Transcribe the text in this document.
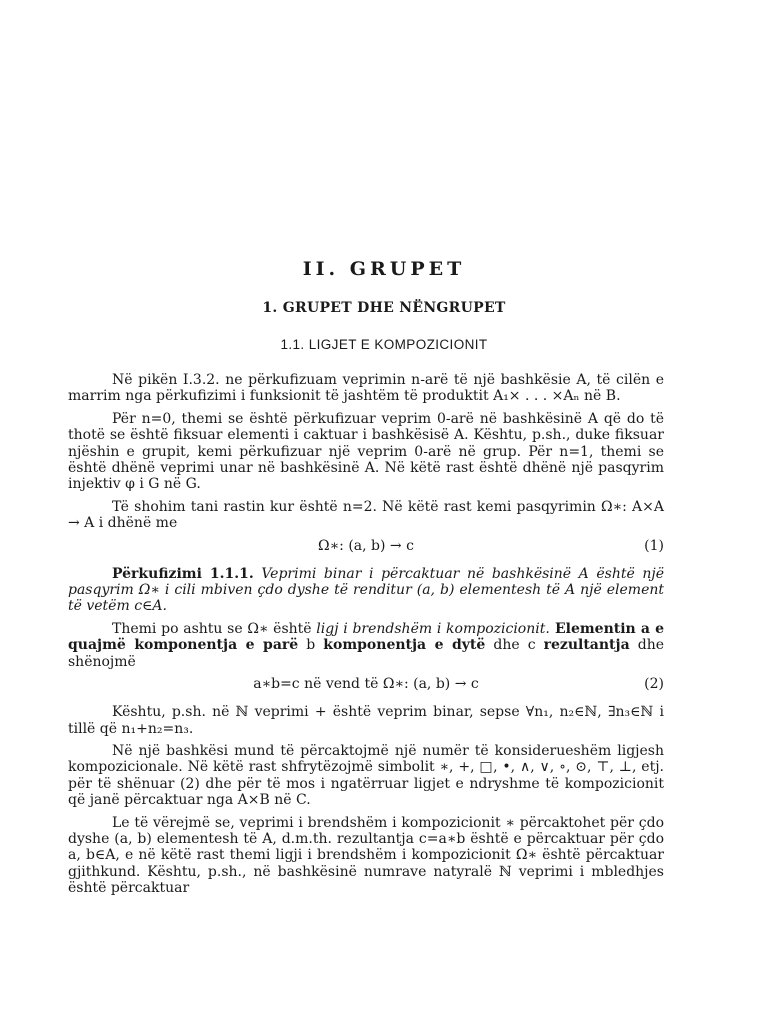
II. GRUPET
1. GRUPET DHE NËNGRUPET
1.1. LIGJET E KOMPOZICIONIT

Në pikën I.3.2. ne përkufizuam veprimin n-arë të një bashkësie A, të cilën e marrim nga përkufizimi i funksionit të jashtëm të produktit A₁× . . . ×Aₙ në B.

Për n=0, themi se është përkufizuar veprim 0-arë në bashkësinë A që do të thotë se është fiksuar elementi i caktuar i bashkësisë A. Kështu, p.sh., duke fiksuar njëshin e grupit, kemi përkufizuar një veprim 0-arë në grup. Për n=1, themi se është dhënë veprimi unar në bashkësinë A. Në këtë rast është dhënë një pasqyrim injektiv φ i G në G.

Të shohim tani rastin kur është n=2. Në këtë rast kemi pasqyrimin Ω∗: A×A → A i dhënë me

Ω∗: (a, b) → c	(1)

Përkufizimi 1.1.1. Veprimi binar i përcaktuar në bashkësinë A është një pasqyrim Ω∗ i cili mbiven çdo dyshe të renditur (a, b) elementesh të A një element të vetëm c∈A.

Themi po ashtu se Ω∗ është ligj i brendshëm i kompozicionit. Elementin a e quajmë komponentja e parë b komponentja e dytë dhe c rezultantja dhe shënojmë

a∗b=c në vend të Ω∗: (a, b) → c	(2)

Kështu, p.sh. në ℕ veprimi + është veprim binar, sepse ∀n₁, n₂∈ℕ, ∃n₃∈ℕ i tillë që n₁+n₂=n₃.

Në një bashkësi mund të përcaktojmë një numër të konsiderueshëm ligjesh kompozicionale. Në këtë rast shfrytëzojmë simbolit ∗, +, □, •, ∧, ∨, ∘, ⊙, ⊤, ⊥, etj. për të shënuar (2) dhe për të mos i ngatërruar ligjet e ndryshme të kompozicionit që janë përcaktuar nga A×B në C.

Le të vërejmë se, veprimi i brendshëm i kompozicionit ∗ përcaktohet për çdo dyshe (a, b) elementesh të A, d.m.th. rezultantja c=a∗b është e përcaktuar për çdo a, b∈A, e në këtë rast themi ligji i brendshëm i kompozicionit Ω∗ është përcaktuar gjithkund. Kështu, p.sh., në bashkësinë numrave natyralë ℕ veprimi i mbledhjes është përcaktuar
